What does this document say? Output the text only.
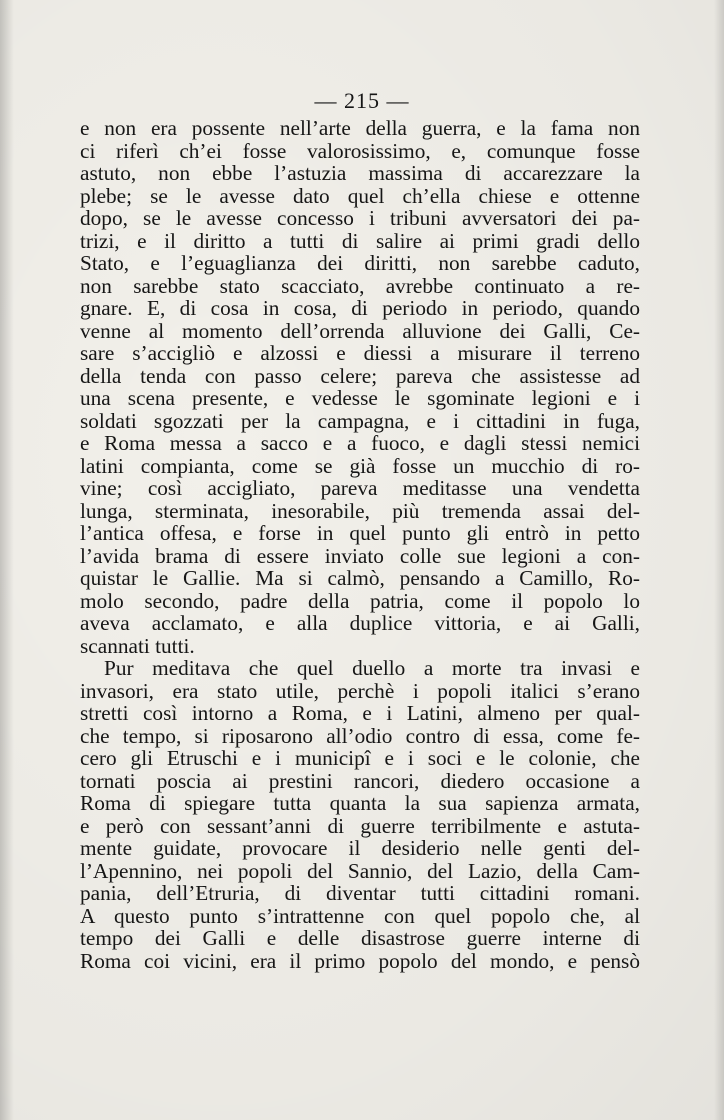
— 215 —
e non era possente nell’arte della guerra, e la fama non
ci riferì ch’ei fosse valorosissimo, e, comunque fosse
astuto, non ebbe l’astuzia massima di accarezzare la
plebe; se le avesse dato quel ch’ella chiese e ottenne
dopo, se le avesse concesso i tribuni avversatori dei pa-
trizi, e il diritto a tutti di salire ai primi gradi dello
Stato, e l’eguaglianza dei diritti, non sarebbe caduto,
non sarebbe stato scacciato, avrebbe continuato a re-
gnare. E, di cosa in cosa, di periodo in periodo, quando
venne al momento dell’orrenda alluvione dei Galli, Ce-
sare s’accigliò e alzossi e diessi a misurare il terreno
della tenda con passo celere; pareva che assistesse ad
una scena presente, e vedesse le sgominate legioni e i
soldati sgozzati per la campagna, e i cittadini in fuga,
e Roma messa a sacco e a fuoco, e dagli stessi nemici
latini compianta, come se già fosse un mucchio di ro-
vine; così accigliato, pareva meditasse una vendetta
lunga, sterminata, inesorabile, più tremenda assai del-
l’antica offesa, e forse in quel punto gli entrò in petto
l’avida brama di essere inviato colle sue legioni a con-
quistar le Gallie. Ma si calmò, pensando a Camillo, Ro-
molo secondo, padre della patria, come il popolo lo
aveva acclamato, e alla duplice vittoria, e ai Galli,
scannati tutti.
Pur meditava che quel duello a morte tra invasi e
invasori, era stato utile, perchè i popoli italici s’erano
stretti così intorno a Roma, e i Latini, almeno per qual-
che tempo, si riposarono all’odio contro di essa, come fe-
cero gli Etruschi e i municipî e i soci e le colonie, che
tornati poscia ai prestini rancori, diedero occasione a
Roma di spiegare tutta quanta la sua sapienza armata,
e però con sessant’anni di guerre terribilmente e astuta-
mente guidate, provocare il desiderio nelle genti del-
l’Apennino, nei popoli del Sannio, del Lazio, della Cam-
pania, dell’Etruria, di diventar tutti cittadini romani.
A questo punto s’intrattenne con quel popolo che, al
tempo dei Galli e delle disastrose guerre interne di
Roma coi vicini, era il primo popolo del mondo, e pensò
